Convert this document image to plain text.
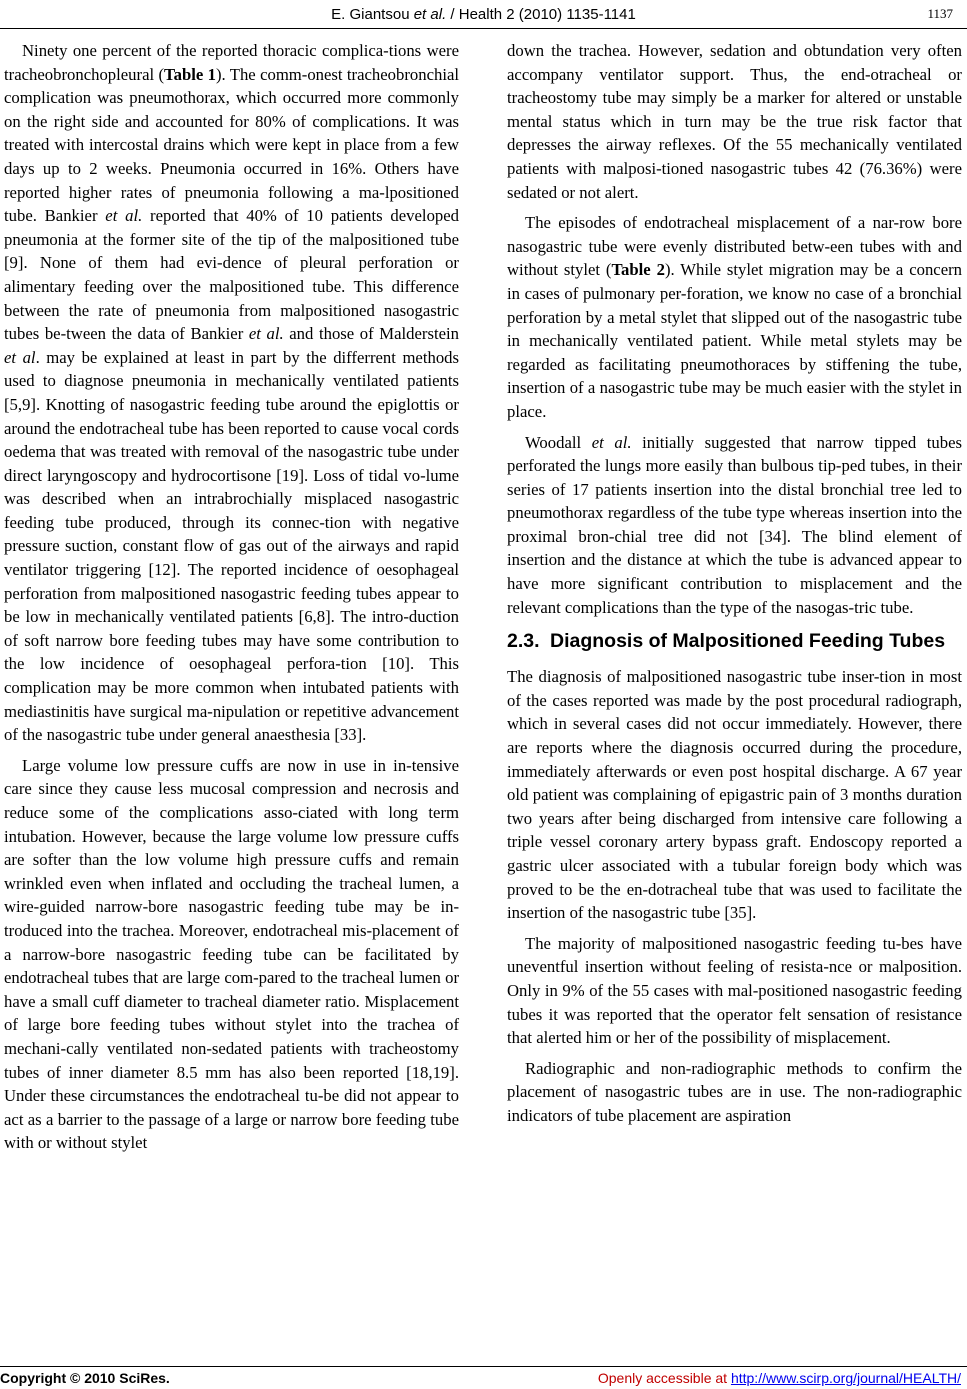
E. Giantsou et al. / Health 2 (2010) 1135-1141	1137

Ninety one percent of the reported thoracic complica-tions were tracheobronchopleural (Table 1). The comm-onest tracheobronchial complication was pneumothorax, which occurred more commonly on the right side and accounted for 80% of complications. It was treated with intercostal drains which were kept in place from a few days up to 2 weeks. Pneumonia occurred in 16%. Others have reported higher rates of pneumonia following a ma-lpositioned tube. Bankier et al. reported that 40% of 10 patients developed pneumonia at the former site of the tip of the malpositioned tube [9]. None of them had evi-dence of pleural perforation or alimentary feeding over the malpositioned tube. This difference between the rate of pneumonia from malpositioned nasogastric tubes be-tween the data of Bankier et al. and those of Malderstein et al. may be explained at least in part by the differrent methods used to diagnose pneumonia in mechanically ventilated patients [5,9]. Knotting of nasogastric feeding tube around the epiglottis or around the endotracheal tube has been reported to cause vocal cords oedema that was treated with removal of the nasogastric tube under direct laryngoscopy and hydrocortisone [19]. Loss of tidal vo-lume was described when an intrabrochially misplaced nasogastric feeding tube produced, through its connec-tion with negative pressure suction, constant flow of gas out of the airways and rapid ventilator triggering [12]. The reported incidence of oesophageal perforation from malpositioned nasogastric feeding tubes appear to be low in mechanically ventilated patients [6,8]. The intro-duction of soft narrow bore feeding tubes may have some contribution to the low incidence of oesophageal perfora-tion [10]. This complication may be more common when intubated patients with mediastinitis have surgical ma-nipulation or repetitive advancement of the nasogastric tube under general anaesthesia [33].

Large volume low pressure cuffs are now in use in in-tensive care since they cause less mucosal compression and necrosis and reduce some of the complications asso-ciated with long term intubation. However, because the large volume low pressure cuffs are softer than the low volume high pressure cuffs and remain wrinkled even when inflated and occluding the tracheal lumen, a wire-guided narrow-bore nasogastric feeding tube may be in-troduced into the trachea. Moreover, endotracheal mis-placement of a narrow-bore nasogastric feeding tube can be facilitated by endotracheal tubes that are large com-pared to the tracheal lumen or have a small cuff diameter to tracheal diameter ratio. Misplacement of large bore feeding tubes without stylet into the trachea of mechani-cally ventilated non-sedated patients with tracheostomy tubes of inner diameter 8.5 mm has also been reported [18,19]. Under these circumstances the endotracheal tu-be did not appear to act as a barrier to the passage of a large or narrow bore feeding tube with or without stylet

down the trachea. However, sedation and obtundation very often accompany ventilator support. Thus, the end-otracheal or tracheostomy tube may simply be a marker for altered or unstable mental status which in turn may be the true risk factor that depresses the airway reflexes. Of the 55 mechanically ventilated patients with malposi-tioned nasogastric tubes 42 (76.36%) were sedated or not alert.

The episodes of endotracheal misplacement of a nar-row bore nasogastric tube were evenly distributed betw-een tubes with and without stylet (Table 2). While stylet migration may be a concern in cases of pulmonary per-foration, we know no case of a bronchial perforation by a metal stylet that slipped out of the nasogastric tube in mechanically ventilated patient. While metal stylets may be regarded as facilitating pneumothoraces by stiffening the tube, insertion of a nasogastric tube may be much easier with the stylet in place.

Woodall et al. initially suggested that narrow tipped tubes perforated the lungs more easily than bulbous tip-ped tubes, in their series of 17 patients insertion into the distal bronchial tree led to pneumothorax regardless of the tube type whereas insertion into the proximal bron-chial tree did not [34]. The blind element of insertion and the distance at which the tube is advanced appear to have more significant contribution to misplacement and the relevant complications than the type of the nasogas-tric tube.

2.3. Diagnosis of Malpositioned Feeding Tubes

The diagnosis of malpositioned nasogastric tube inser-tion in most of the cases reported was made by the post procedural radiograph, which in several cases did not occur immediately. However, there are reports where the diagnosis occurred during the procedure, immediately afterwards or even post hospital discharge. A 67 year old patient was complaining of epigastric pain of 3 months duration two years after being discharged from intensive care following a triple vessel coronary artery bypass graft. Endoscopy reported a gastric ulcer associated with a tubular foreign body which was proved to be the en-dotracheal tube that was used to facilitate the insertion of the nasogastric tube [35].

The majority of malpositioned nasogastric feeding tu-bes have uneventful insertion without feeling of resista-nce or malposition. Only in 9% of the 55 cases with mal-positioned nasogastric feeding tubes it was reported that the operator felt sensation of resistance that alerted him or her of the possibility of misplacement.

Radiographic and non-radiographic methods to confirm the placement of nasogastric tubes are in use. The non-radiographic indicators of tube placement are aspiration

Copyright © 2010 SciRes.	Openly accessible at http://www.scirp.org/journal/HEALTH/
